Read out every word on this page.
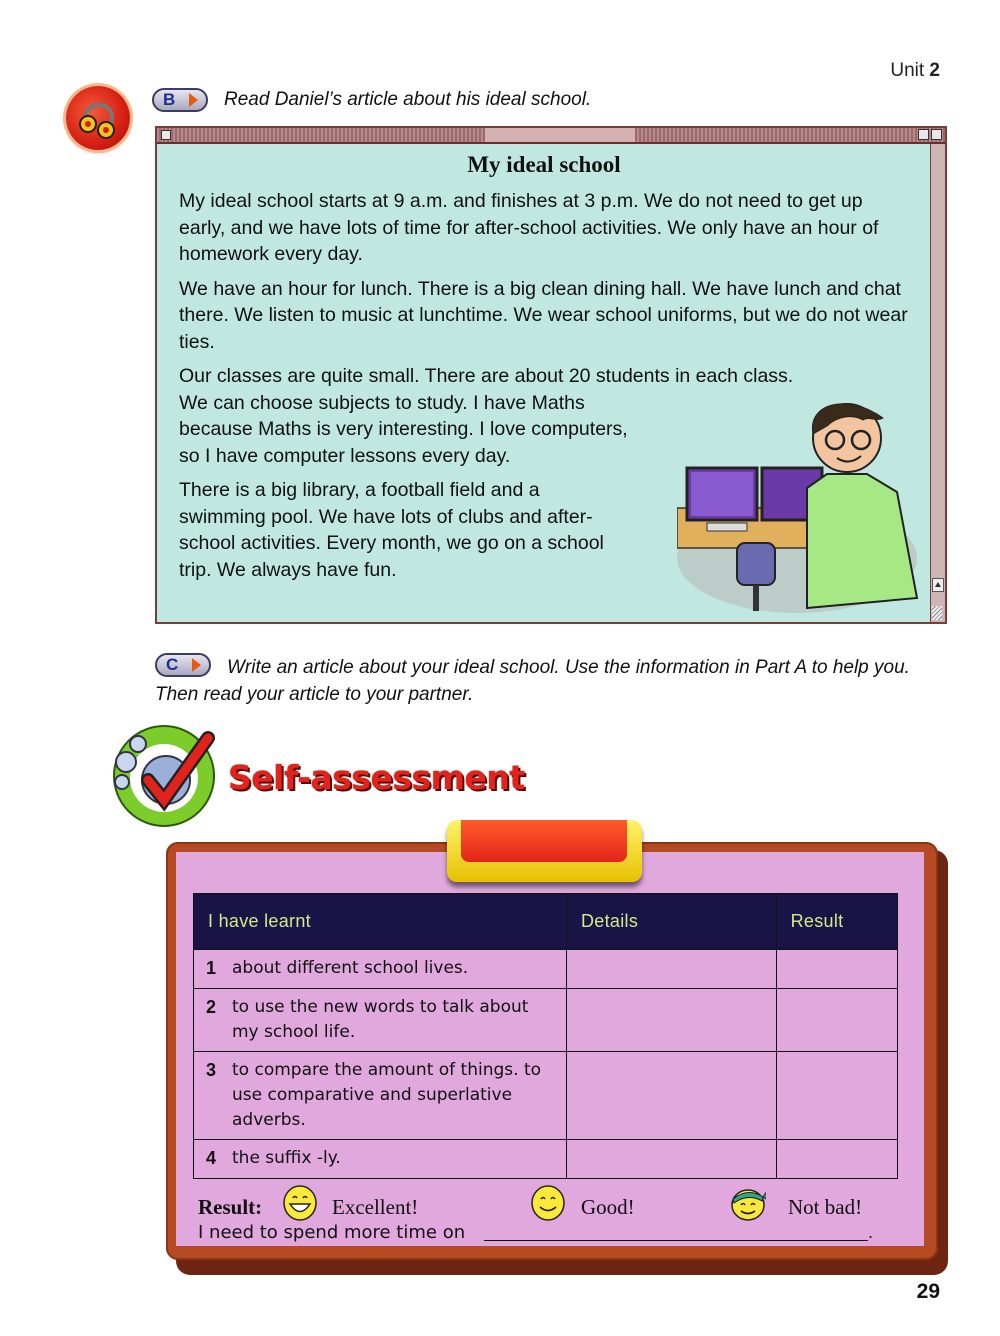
Unit 2
B	Read Daniel’s article about his ideal school.
My ideal school

My ideal school starts at 9 a.m. and finishes at 3 p.m. We do not need to get up early, and we have lots of time for after-school activities. We only have an hour of homework every day.

We have an hour for lunch. There is a big clean dining hall. We have lunch and chat there. We listen to music at lunchtime. We wear school uniforms, but we do not wear ties.

Our classes are quite small. There are about 20 students in each class.
We can choose subjects to study. I have Maths because Maths is very interesting. I love computers, so I have computer lessons every day.

There is a big library, a football field and a swimming pool. We have lots of clubs and after-school activities. Every month, we go on a school trip. We always have fun.

C	Write an article about your ideal school. Use the information in Part A to help you. Then read your article to your partner.
Self-assessment
I have learnt	Details	Result
1 about different school lives.		
2 to use the new words to talk about my school life.		
3 to compare the amount of things. to use comparative and superlative adverbs.		
4 the suffix -ly.		
Result:	Excellent!	Good!	Not bad!
I need to spend more time on	.
29
